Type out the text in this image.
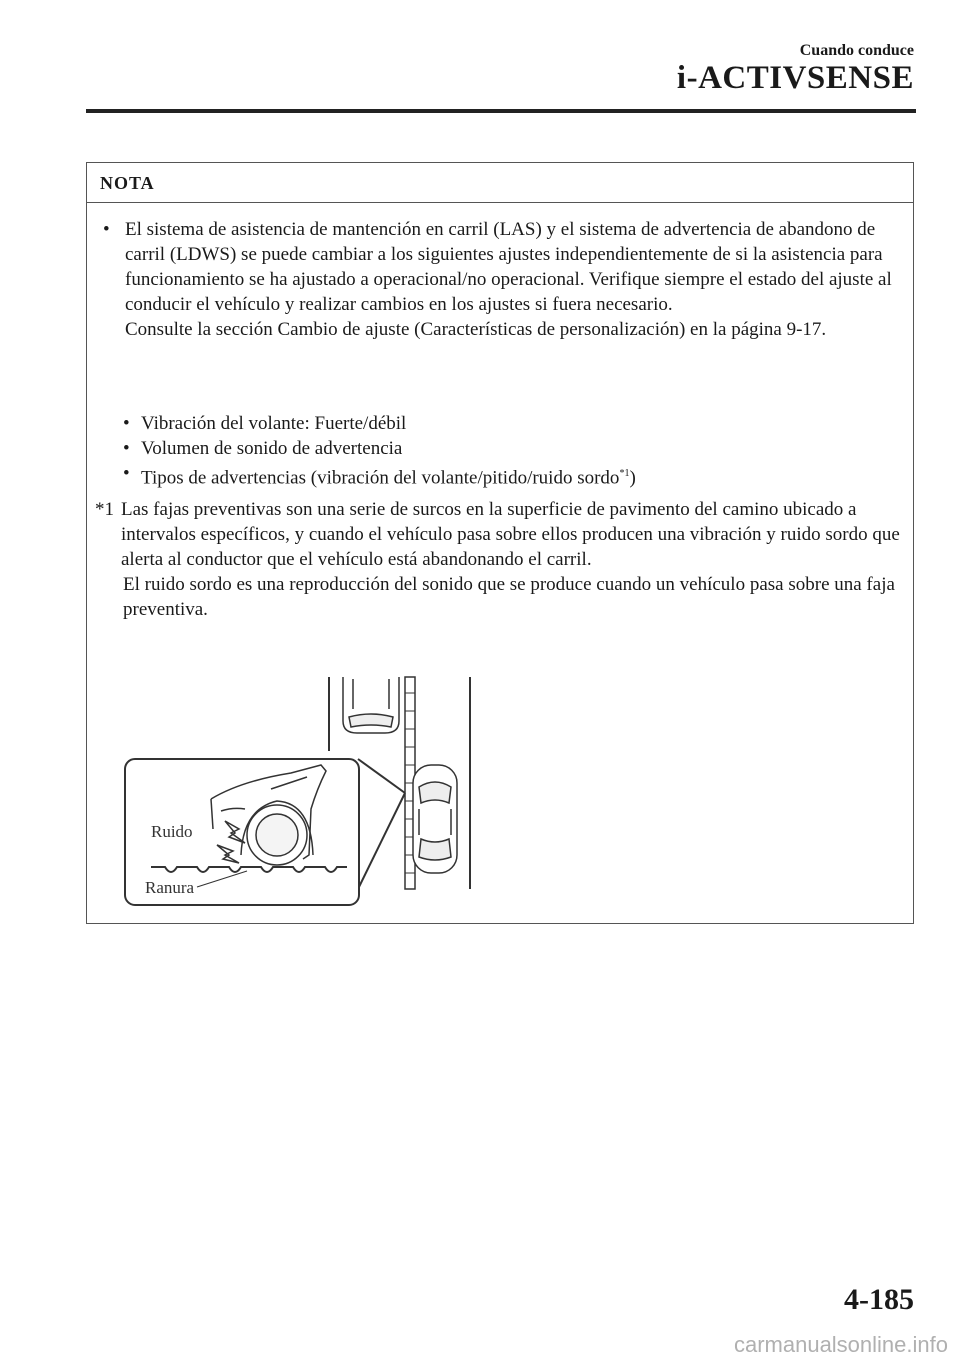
Cuando conduce
i-ACTIVSENSE
NOTA
• El sistema de asistencia de mantención en carril (LAS) y el sistema de advertencia de abandono de carril (LDWS) se puede cambiar a los siguientes ajustes independientemente de si la asistencia para funcionamiento se ha ajustado a operacional/no operacional. Verifique siempre el estado del ajuste al conducir el vehículo y realizar cambios en los ajustes si fuera necesario.
Consulte la sección Cambio de ajuste (Características de personalización) en la página 9-17.
• Vibración del volante: Fuerte/débil
• Volumen de sonido de advertencia
• Tipos de advertencias (vibración del volante/pitido/ruido sordo$^{*1}$)
*1 Las fajas preventivas son una serie de surcos en la superficie de pavimento del camino ubicado a intervalos específicos, y cuando el vehículo pasa sobre ellos producen una vibración y ruido sordo que alerta al conductor que el vehículo está abandonando el carril.
El ruido sordo es una reproducción del sonido que se produce cuando un vehículo pasa sobre una faja preventiva.
Ruido
Ranura
4-185
carmanualsonline.info
